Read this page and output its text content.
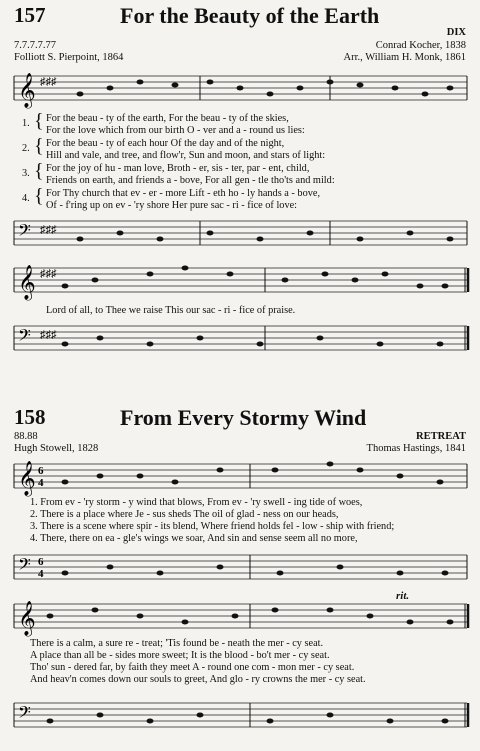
157	For the Beauty of the Earth
DIX
7.7.7.7.77	Conrad Kocher, 1838
Folliott S. Pierpoint, 1864	Arr., William H. Monk, 1861
𝄞 ♯♯♯
1. { For the beau - ty of the earth, For the beau - ty of the skies,
For the love which from our birth O - ver and a - round us lies:
2. { For the beau - ty of each hour Of the day and of the night,
Hill and vale, and tree, and flow'r, Sun and moon, and stars of light:
3. { For the joy of hu - man love, Broth - er, sis - ter, par - ent, child,
Friends on earth, and friends a - bove, For all gen - tle tho'ts and mild:
4. { For Thy church that ev - er - more Lift - eth ho - ly hands a - bove,
Of - f'ring up on ev - 'ry shore Her pure sac - ri - fice of love:
𝄢 ♯♯♯
𝄞 ♯♯♯
Lord of all, to Thee we raise This our sac - ri - fice of praise.
𝄢 ♯♯♯
158	From Every Stormy Wind
RETREAT
88.88
Hugh Stowell, 1828	Thomas Hastings, 1841
𝄞 6
4
1. From ev - 'ry storm - y wind that blows, From ev - 'ry swell - ing tide of woes,
2. There is a place where Je - sus sheds The oil of glad - ness on our heads,
3. There is a scene where spir - its blend, Where friend holds fel - low - ship with friend;
4. There, there on ea - gle's wings we soar, And sin and sense seem all no more,
𝄢 6
4
rit.
𝄞
There is a calm, a sure re - treat; 'Tis found be - neath the mer - cy seat.
A place than all be - sides more sweet; It is the blood - bo't mer - cy seat.
Tho' sun - dered far, by faith they meet A - round one com - mon mer - cy seat.
And heav'n comes down our souls to greet, And glo - ry crowns the mer - cy seat.
𝄢
